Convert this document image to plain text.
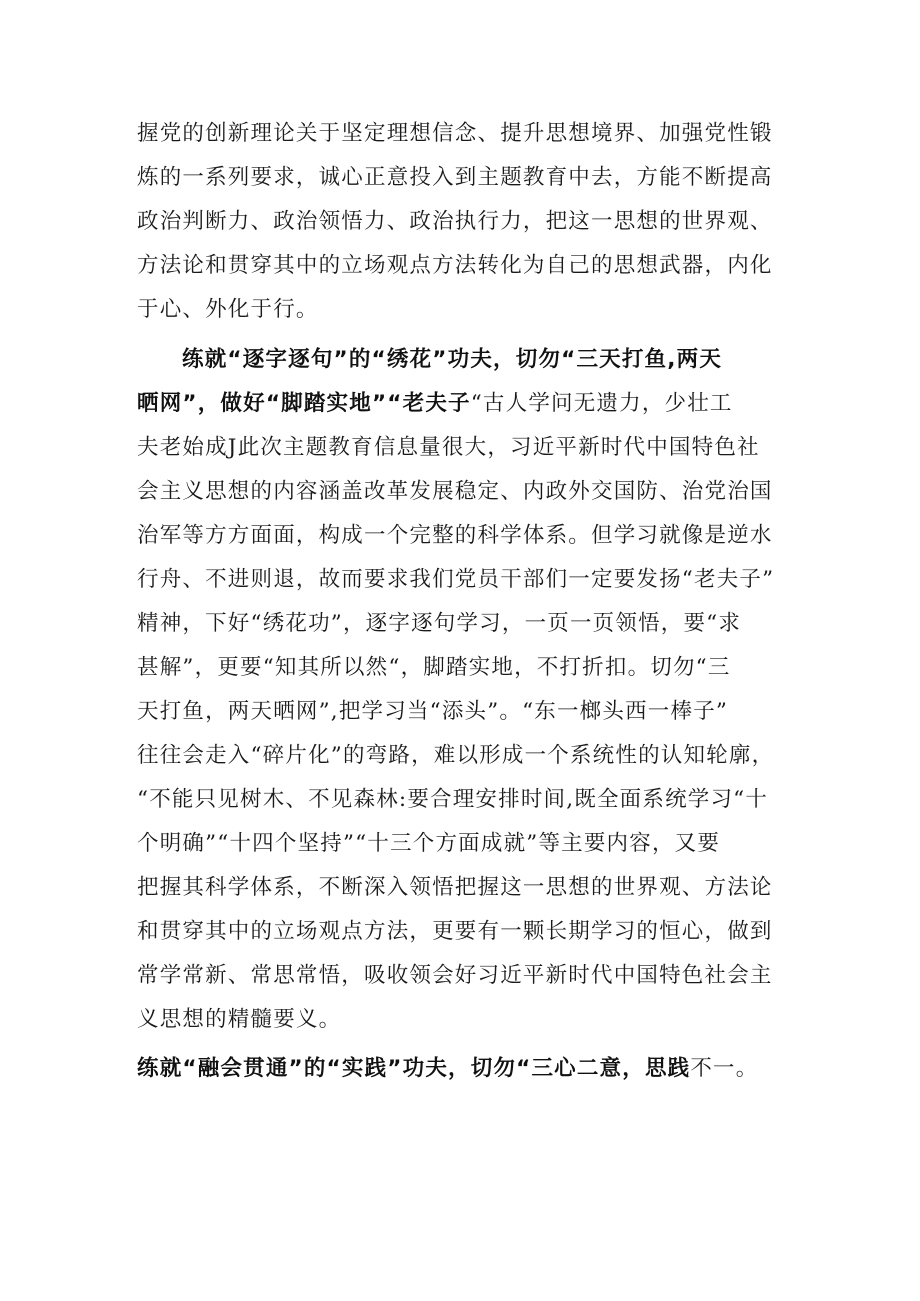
握党的创新理论关于坚定理想信念、提升思想境界、加强党性锻
炼的一系列要求，诚心正意投入到主题教育中去，方能不断提高
政治判断力、政治领悟力、政治执行力，把这一思想的世界观、
方法论和贯穿其中的立场观点方法转化为自己的思想武器，内化
于心、外化于行。
练就“逐字逐句”的“绣花”功夫，切勿“三天打鱼,两天
晒网”，做好“脚踏实地”“老夫子“古人学问无遗力，少壮工
夫老始成J此次主题教育信息量很大，习近平新时代中国特色社
会主义思想的内容涵盖改革发展稳定、内政外交国防、治党治国
治军等方方面面，构成一个完整的科学体系。但学习就像是逆水
行舟、不进则退，故而要求我们党员干部们一定要发扬“老夫子”
精神，下好“绣花功”，逐字逐句学习，一页一页领悟，要“求
甚解”，更要“知其所以然“，脚踏实地，不打折扣。切勿“三
天打鱼，两天晒网”,把学习当“添头”。“东一榔头西一棒子”
往往会走入“碎片化”的弯路，难以形成一个系统性的认知轮廓，
“不能只见树木、不见森林:要合理安排时间,既全面系统学习“十
个明确”“十四个坚持”“十三个方面成就”等主要内容，又要
把握其科学体系，不断深入领悟把握这一思想的世界观、方法论
和贯穿其中的立场观点方法，更要有一颗长期学习的恒心，做到
常学常新、常思常悟，吸收领会好习近平新时代中国特色社会主
义思想的精髓要义。
练就“融会贯通”的“实践”功夫，切勿“三心二意，思践不一。
